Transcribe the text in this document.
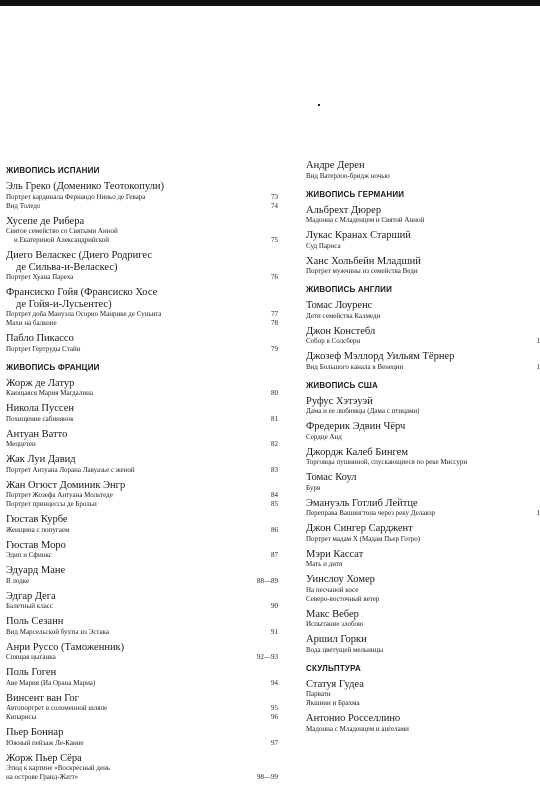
ЖИВОПИСЬ ИСПАНИИ
Эль Греко (Доменико Теотокопули)
Портрет кардинала Фернандо Ниньо де Гевара	73
Вид Толедо	74
Хусепе де Рибера
Святое семейство со Святыми Анной
и Екатериной Александрийской	75
Диего Веласкес (Диего Родригес
де Сильва-и-Веласкес)
Портрет Хуана Пареха	76
Франсиско Гойя (Франсиско Хосе
де Гойя-и-Лусьентес)
Портрет доña Мануэла Осорио Манрике де Суньига	77
Махи на балконе	78
Пабло Пикассо
Портрет Гертруды Стайн	79
ЖИВОПИСЬ ФРАНЦИИ
Жорж де Латур
Кающаяся Мария Магдалина	80
Никола Пуссен
Похищение сабинянок	81
Антуан Ватто
Меццетен	82
Жак Луи Давид
Портрет Антуана Лорана Лавуазье с женой	83
Жан Огюст Доминик Энгр
Портрет Жозефа Антуана Мольтеде	84
Портрет принцессы де Брольи	85
Гюстав Курбе
Женщина с попугаем	86
Гюстав Моро
Эдип и Сфинкс	87
Эдуард Мане
В лодке	88—89
Эдгар Дега
Балетный класс	90
Поль Сезанн
Вид Марсельской бухты из Эстака	91
Анри Руссо (Таможенник)
Спящая цыганка	92—93
Поль Гоген
Аве Мария (Иа Орана Мариа)	94
Винсент ван Гог
Автопортрет в соломенной шляпе	95
Кипарисы	96
Пьер Боннар
Южный пейзаж Ле-Канне	97
Жорж Пьер Сёра
Этюд к картине «Воскресный день
на острове Гранд-Жатт»	98—99
Андре Дерен
Вид Ватерлоо-бридж ночью
ЖИВОПИСЬ ГЕРМАНИИ
Альбрехт Дюрер
Мадонна с Младенцем и Святой Анной
Лукас Кранах Старший
Суд Париса
Ханс Хольбейн Младший
Портрет мужчины из семейства Веди
ЖИВОПИСЬ АНГЛИИ
Томас Лоуренс
Дети семейства Калмеди
Джон Констебл
Собор в Солсбери	1
Джозеф Мэллорд Уильям Тёрнер
Вид Большого канала в Венеции	1
ЖИВОПИСЬ США
Руфус Хэтэуэй
Дама и ее любимцы (Дама с птицами)
Фредерик Эдвин Чёрч
Сердце Анд
Джордж Калеб Бингем
Торговцы пушниной, спускающиеся по реке Миссури
Томас Коул
Буря
Эмануэль Готлиб Лейтце
Переправа Вашингтона через реку Делавэр	1
Джон Сингер Сарджент
Портрет мадам Х (Мадам Пьер Готро)
Мэри Кассат
Мать и дитя
Уинслоу Хомер
На песчаной косе
Северо-восточный ветер
Макс Вебер
Испытание злобою
Аршил Горки
Вода цветущей мельницы
СКУЛЬПТУРА
Статуя Гудеа
Парвати
Якшини и Брахма
Антонио Росселлино
Мадонна с Младенцем и ангелами
